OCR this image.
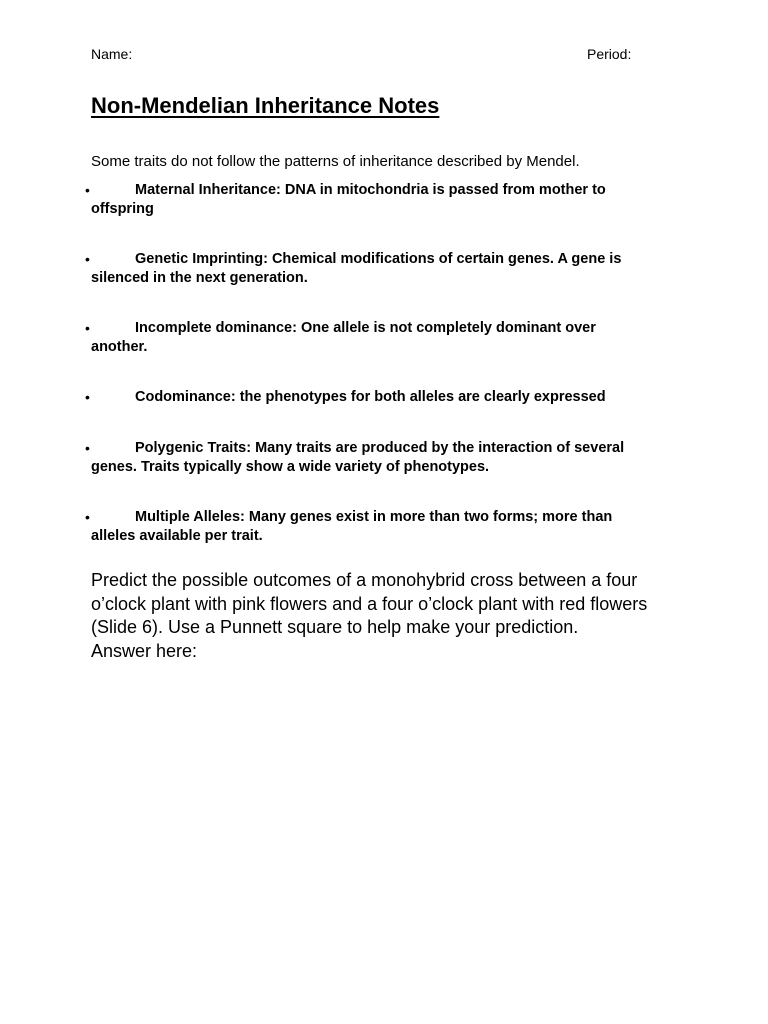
Name:	Period:
Non-Mendelian Inheritance Notes
Some traits do not follow the patterns of inheritance described by Mendel.
•	Maternal Inheritance: DNA in mitochondria is passed from mother to offspring
•	Genetic Imprinting: Chemical modifications of certain genes. A gene is silenced in the next generation.
•	Incomplete dominance: One allele is not completely dominant over another.
•	Codominance: the phenotypes for both alleles are clearly expressed
•	Polygenic Traits: Many traits are produced by the interaction of several genes. Traits typically show a wide variety of phenotypes.
•	Multiple Alleles: Many genes exist in more than two forms; more than alleles available per trait.

Predict the possible outcomes of a monohybrid cross between a four o’clock plant with pink flowers and a four o’clock plant with red flowers (Slide 6). Use a Punnett square to help make your prediction.

Answer here:
